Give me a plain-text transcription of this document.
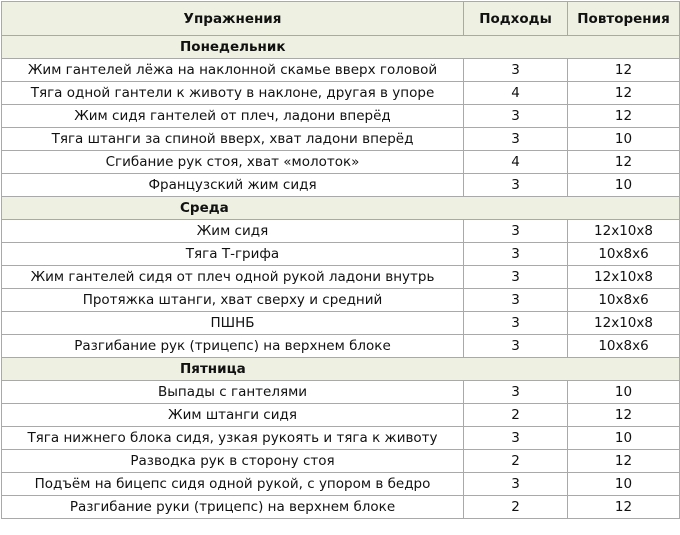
Упражнения	Подходы	Повторения
Понедельник		
Жим гантелей лёжа на наклонной скамье вверх головой	3	12
Тяга одной гантели к животу в наклоне, другая в упоре	4	12
Жим сидя гантелей от плеч, ладони вперёд	3	12
Тяга штанги за спиной вверх, хват ладони вперёд	3	10
Сгибание рук стоя, хват «молоток»	4	12
Французский жим сидя	3	10
Среда		
Жим сидя	3	12x10x8
Тяга Т-грифа	3	10x8x6
Жим гантелей сидя от плеч одной рукой ладони внутрь	3	12x10x8
Протяжка штанги, хват сверху и средний	3	10x8x6
ПШНБ	3	12x10x8
Разгибание рук (трицепс) на верхнем блоке	3	10x8x6
Пятница		
Выпады с гантелями	3	10
Жим штанги сидя	2	12
Тяга нижнего блока сидя, узкая рукоять и тяга к животу	3	10
Разводка рук в сторону стоя	2	12
Подъём на бицепс сидя одной рукой, с упором в бедро	3	10
Разгибание руки (трицепс) на верхнем блоке	2	12
